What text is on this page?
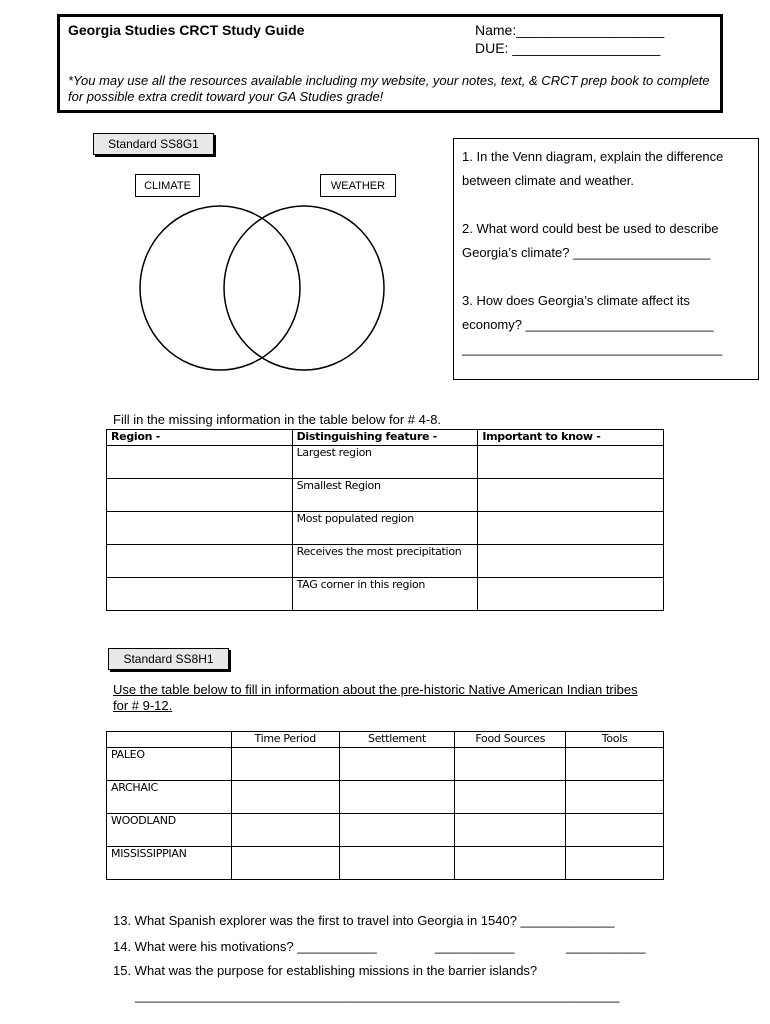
Georgia Studies CRCT Study Guide	Name:___________________
DUE: ___________________
*You may use all the resources available including my website, your notes, text, & CRCT prep book to complete for possible extra credit toward your GA Studies grade!
Standard SS8G1
CLIMATE	WEATHER

1. In the Venn diagram, explain the difference between climate and weather.

2. What word could best be used to describe Georgia’s climate? ___________________

3. How does Georgia’s climate affect its economy? __________________________

____________________________________

Fill in the missing information in the table below for # 4-8.
Region -	Distinguishing feature -	Important to know -
	Largest region	
	Smallest Region	
	Most populated region	
	Receives the most precipitation	
	TAG corner in this region	
Standard SS8H1
Use the table below to fill in information about the pre-historic Native American Indian tribes for # 9-12.
	Time Period	Settlement	Food Sources	Tools
PALEO				
ARCHAIC				
WOODLAND				
MISSISSIPPIAN				
13. What Spanish explorer was the first to travel into Georgia in 1540? _____________
14. What were his motivations? ___________	___________	___________
15. What was the purpose for establishing missions in the barrier islands?
___________________________________________________________________
